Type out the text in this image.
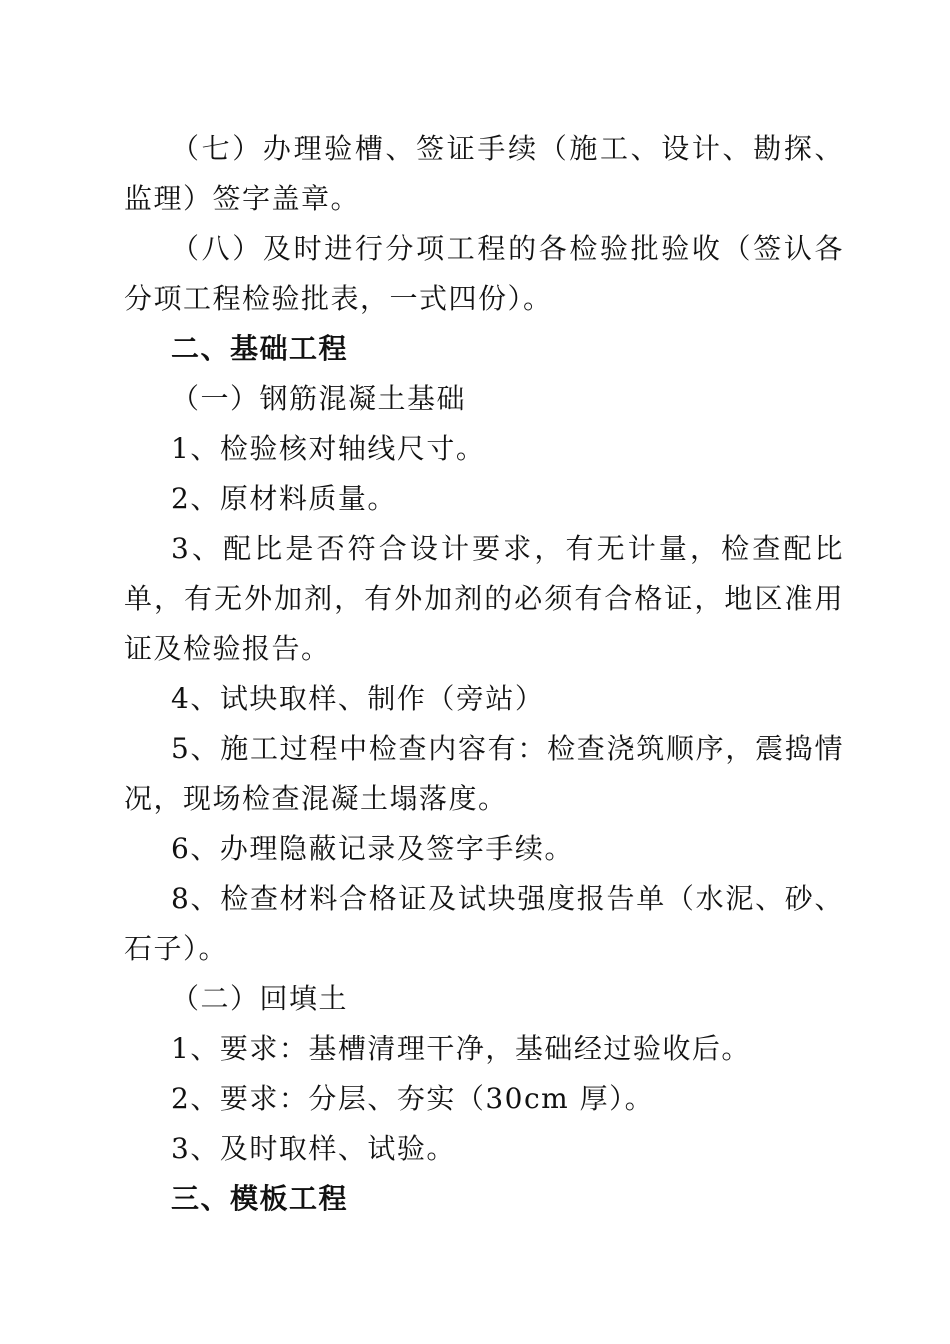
（七）办理验槽、签证手续（施工、设计、勘探、监理）签字盖章。

（八）及时进行分项工程的各检验批验收（签认各分项工程检验批表，一式四份）。

二、基础工程

（一）钢筋混凝土基础

1、检验核对轴线尺寸。

2、原材料质量。

3、配比是否符合设计要求，有无计量，检查配比单，有无外加剂，有外加剂的必须有合格证，地区准用证及检验报告。

4、试块取样、制作（旁站）

5、施工过程中检查内容有：检查浇筑顺序，震捣情况，现场检查混凝土塌落度。

6、办理隐蔽记录及签字手续。

8、检查材料合格证及试块强度报告单（水泥、砂、石子）。

（二）回填土

1、要求：基槽清理干净，基础经过验收后。

2、要求：分层、夯实（30cm 厚）。

3、及时取样、试验。

三、模板工程
